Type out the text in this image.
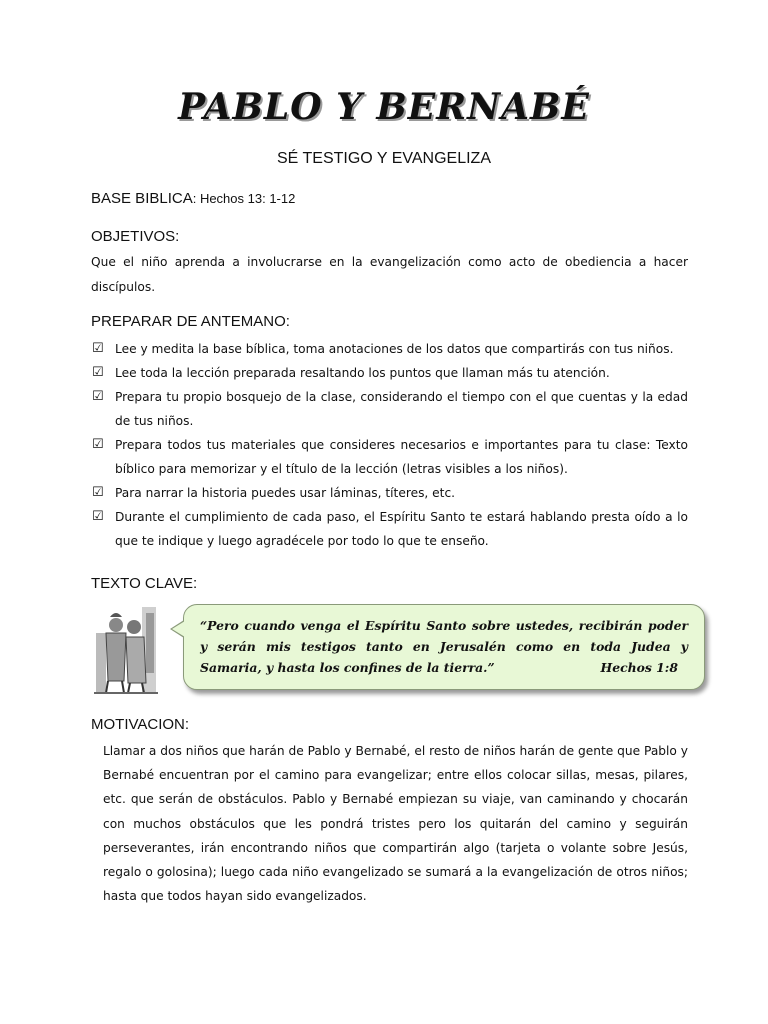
PABLO Y BERNABÉ
SÉ TESTIGO Y EVANGELIZA
BASE BIBLICA: Hechos 13: 1-12
OBJETIVOS:
Que el niño aprenda a involucrarse en la evangelización como acto de obediencia a hacer discípulos.
PREPARAR DE ANTEMANO:
☑ Lee y medita la base bíblica, toma anotaciones de los datos que compartirás con tus niños.
☑ Lee toda la lección preparada resaltando los puntos que llaman más tu atención.
☑ Prepara tu propio bosquejo de la clase, considerando el tiempo con el que cuentas y la edad de tus niños.
☑ Prepara todos tus materiales que consideres necesarios e importantes para tu clase: Texto bíblico para memorizar y el título de la lección (letras visibles a los niños).
☑ Para narrar la historia puedes usar láminas, títeres, etc.
☑ Durante el cumplimiento de cada paso, el Espíritu Santo te estará hablando presta oído a lo que te indique y luego agradécele por todo lo que te enseño.
TEXTO CLAVE:
“Pero cuando venga el Espíritu Santo sobre ustedes, recibirán poder y serán mis testigos tanto en Jerusalén como en toda Judea y Samaria, y hasta los confines de la tierra.”	Hechos 1:8
MOTIVACION:
Llamar a dos niños que harán de Pablo y Bernabé, el resto de niños harán de gente que Pablo y Bernabé encuentran por el camino para evangelizar; entre ellos colocar sillas, mesas, pilares, etc. que serán de obstáculos. Pablo y Bernabé empiezan su viaje, van caminando y chocarán con muchos obstáculos que les pondrá tristes pero los quitarán del camino y seguirán perseverantes, irán encontrando niños que compartirán algo (tarjeta o volante sobre Jesús, regalo o golosina); luego cada niño evangelizado se sumará a la evangelización de otros niños; hasta que todos hayan sido evangelizados.
